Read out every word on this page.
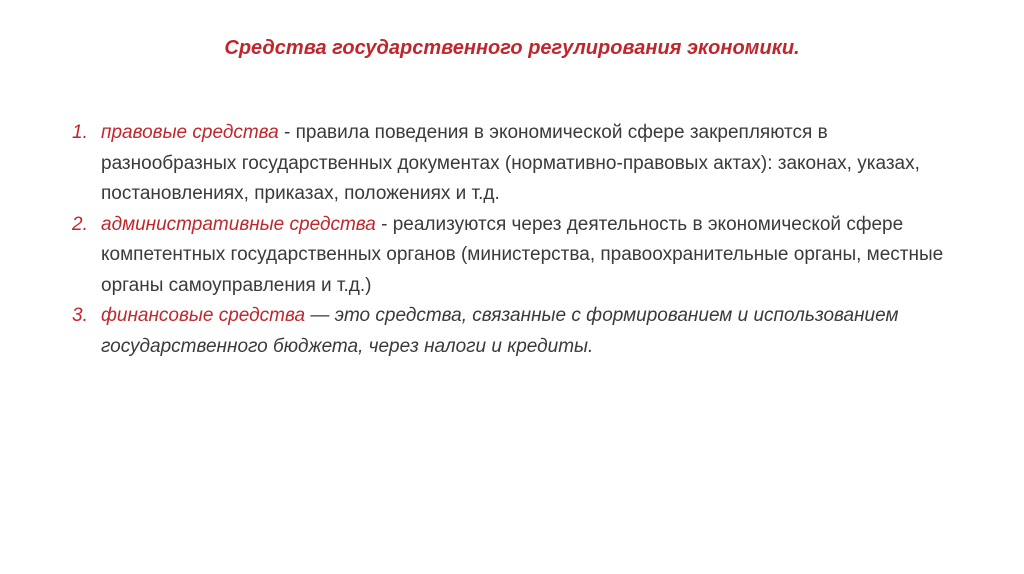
Средства государственного регулирования экономики.
1. правовые средства - правила поведения в экономической сфере закрепляются в разнообразных государственных документах (нормативно-правовых актах): законах, указах, постановлениях, приказах, положениях и т.д.
2. административные средства - реализуются через деятельность в экономической сфере компетентных государственных органов (министерства, правоохранительные органы, местные органы самоуправления и т.д.)
3. финансовые средства — это средства, связанные с формированием и использованием государственного бюджета, через налоги и кредиты.
